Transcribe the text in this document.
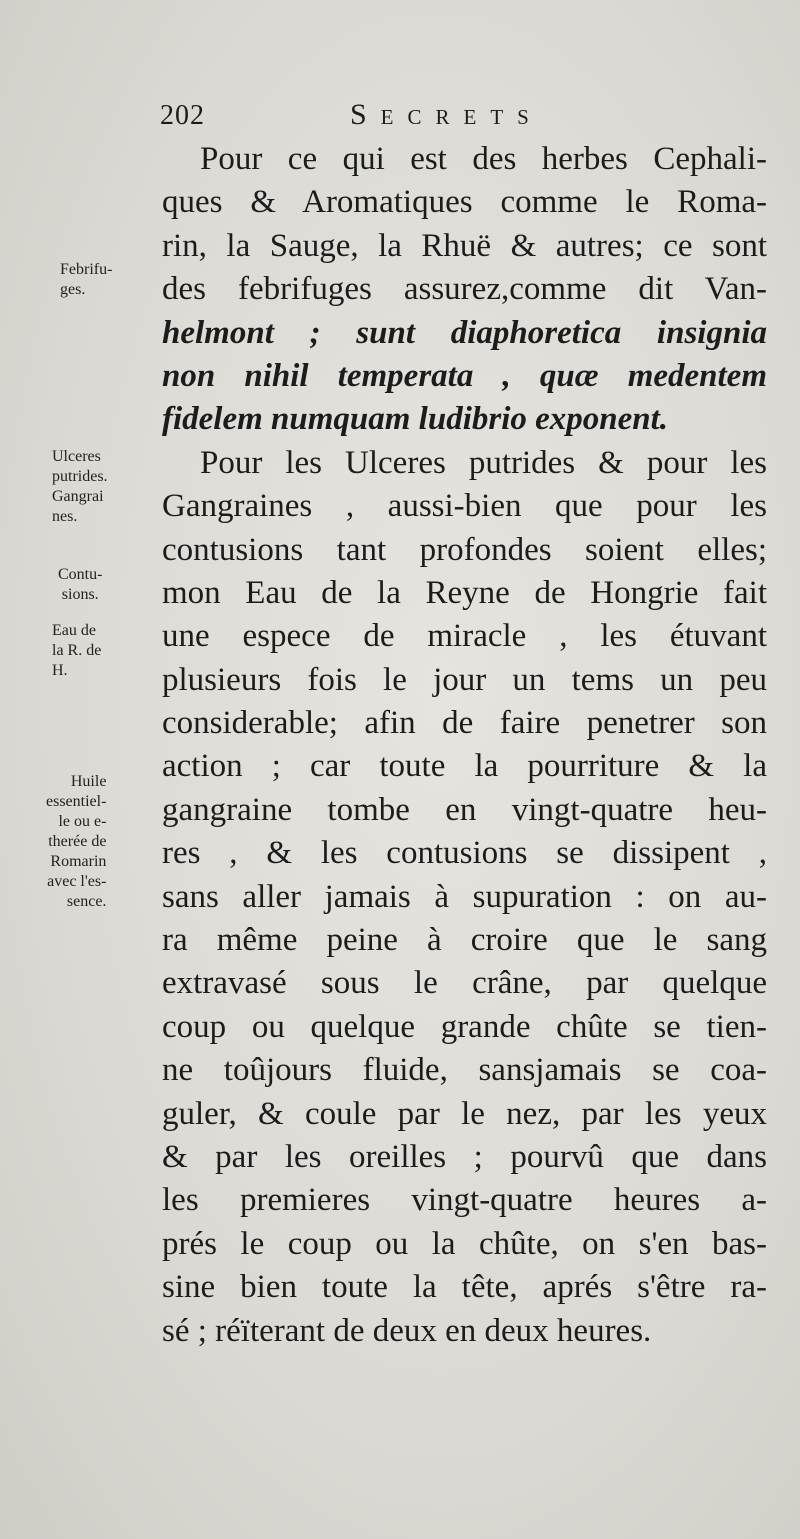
202	Secrets
Febrifu-
ges.
Ulceres
putrides.
Gangrai
nes.
Contu-
sions.
Eau de
la R. de
H.
Huile
essentiel-
le ou e-
therée de
Romarin
avec l'es-
sence.
Pour ce qui est des herbes Cephali-
ques & Aromatiques comme le Roma-
rin, la Sauge, la Rhuë & autres; ce sont
des febrifuges assurez,comme dit Van-
helmont ; sunt diaphoretica insignia
non nihil temperata , quæ medentem
fidelem numquam ludibrio exponent.
Pour les Ulceres putrides & pour les
Gangraines , aussi-bien que pour les
contusions tant profondes soient elles;
mon Eau de la Reyne de Hongrie fait
une espece de miracle , les étuvant
plusieurs fois le jour un tems un peu
considerable; afin de faire penetrer son
action ; car toute la pourriture & la
gangraine tombe en vingt-quatre heu-
res , & les contusions se dissipent ,
sans aller jamais à supuration : on au-
ra même peine à croire que le sang
extravasé sous le crâne, par quelque
coup ou quelque grande chûte se tien-
ne toûjours fluide, sansjamais se coa-
guler, & coule par le nez, par les yeux
& par les oreilles ; pourvû que dans
les premieres vingt-quatre heures a-
prés le coup ou la chûte, on s'en bas-
sine bien toute la tête, aprés s'être ra-
sé ; réïterant de deux en deux heures.
